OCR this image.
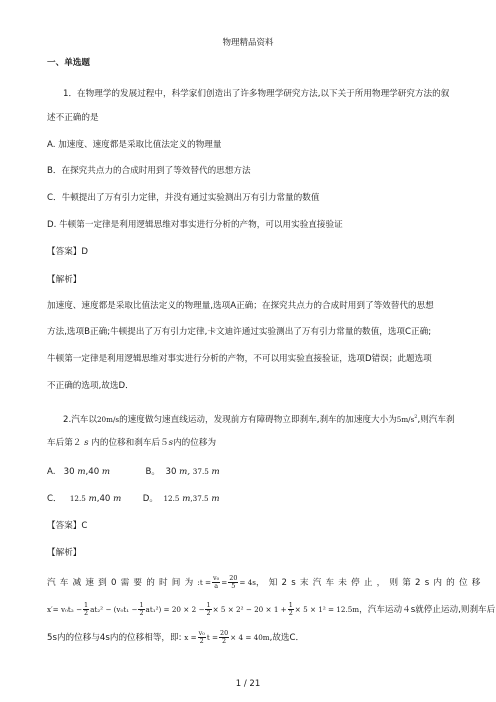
物理精品资料
一、单选题
1．在物理学的发展过程中，科学家们创造出了许多物理学研究方法,以下关于所用物理学研究方法的叙
述不正确的是
A. 加速度、速度都是采取比值法定义的物理量
B．在探究共点力的合成时用到了等效替代的思想方法
C．牛顿提出了万有引力定律，并没有通过实验测出万有引力常量的数值
D. 牛顿第一定律是利用逻辑思维对事实进行分析的产物，可以用实验直接验证
【答案】D
【解析】
加速度、速度都是采取比值法定义的物理量,选项A正确；在探究共点力的合成时用到了等效替代的思想
方法,选项B正确;牛顿提出了万有引力定律,卡文迪许通过实验测出了万有引力常量的数值，选项C正确;
牛顿第一定律是利用逻辑思维对事实进行分析的产物，不可以用实验直接验证，选项D错误；此题选项
不正确的选项,故选D．
2.汽车以20m/s的速度做匀速直线运动，发现前方有障碍物立即刹车,刹车的加速度大小为$5m/s^2$,则汽车刹
车后第２ s 内的位移和刹车后５s内的位移为
A. 30 m,40 m	B。 30 m, 37.5 m
C． 12.5 m,40 m D。 12.5 m,37.5 m
【答案】C
【解析】
汽车减速到0需要的时间为:t = $\frac{\text{v₀}}{a} = \frac{20}{5} = 4s$，知2s末汽车未停止，则第2s内的位移
$x'= v_0t_2 - \frac{1}{2} at_2^2 - (v_0t_1 - \frac{1}{2} at_1^2) = 20 \times 2 - \frac{1}{2} \times 5 \times 2^2 - 20 \times 1 + \frac{1}{2} \times 5 \times 1^2 = 12.5m$，汽车运动４s就停止运动,则刹车后
5s内的位移与4s内的位移相等，即: $x = \frac{\text{v₀}}{2}$ $t = \frac{20}{2} \times 4 = 40m$,故选C．
1 / 21
